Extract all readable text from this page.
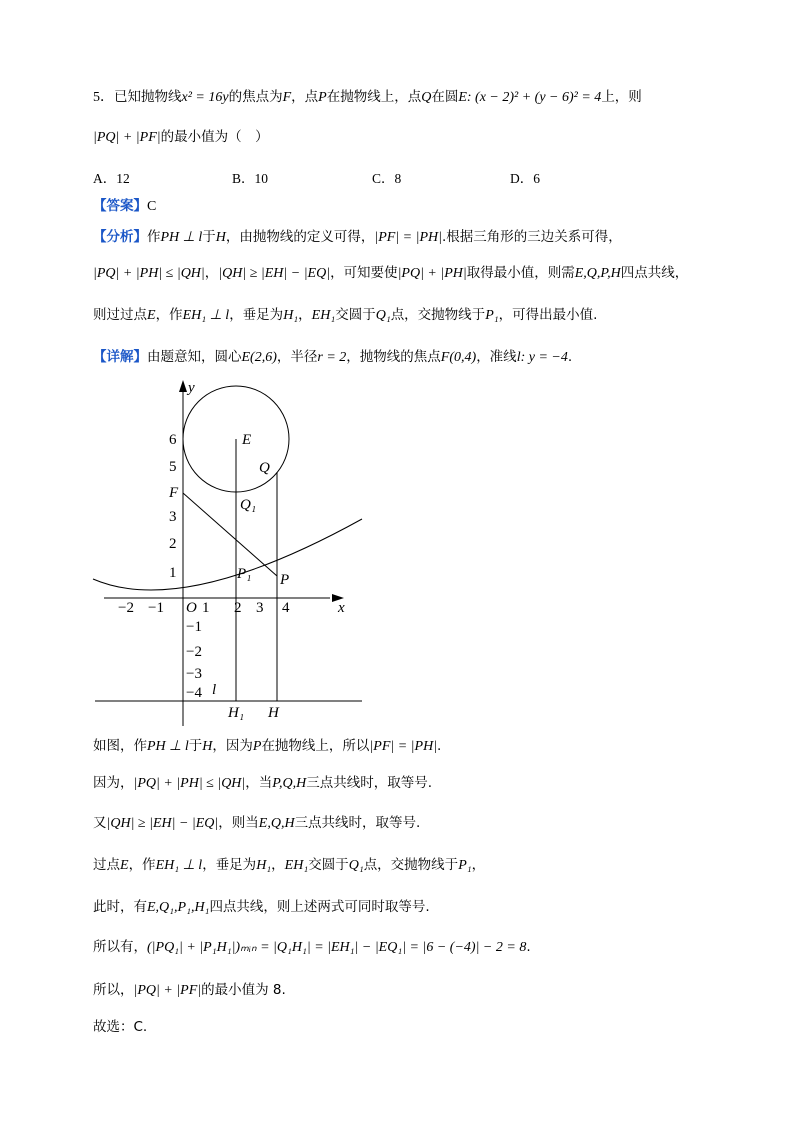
5．已知抛物线x² = 16y的焦点为F，点P在抛物线上，点Q在圆E: (x − 2)² + (y − 6)² = 4上，则
|PQ| + |PF|的最小值为（　）
A．12	B．10	C．8	D．6
【答案】C
【分析】作PH ⊥ l于H，由抛物线的定义可得，|PF| = |PH|.根据三角形的三边关系可得，
|PQ| + |PH| ≤ |QH|，|QH| ≥ |EH| − |EQ|，可知要使|PQ| + |PH|取得最小值，则需E,Q,P,H四点共线，
则过过点E，作EH₁ ⊥ l，垂足为H₁，EH₁交圆于Q₁点，交抛物线于P₁，可得出最小值.
【详解】由题意知，圆心E(2,6)，半径r = 2，抛物线的焦点F(0,4)，准线l: y = −4.
y
x
O
−2 −1	1 2 3 4
6
5
3
2
1
−1
−2
−3
−4
E
Q
F
Q₁
P₁ P
l
H₁ H
如图，作PH ⊥ l于H，因为P在抛物线上，所以|PF| = |PH|.
因为，|PQ| + |PH| ≤ |QH|，当P,Q,H三点共线时，取等号.
又|QH| ≥ |EH| − |EQ|，则当E,Q,H三点共线时，取等号.
过点E，作EH₁ ⊥ l，垂足为H₁，EH₁交圆于Q₁点，交抛物线于P₁，
此时，有E,Q₁,P₁,H₁四点共线，则上述两式可同时取等号.
所以有，(|PQ₁| + |P₁H₁|)ₘᵢₙ = |Q₁H₁| = |EH₁| − |EQ₁| = |6 − (−4)| − 2 = 8.
所以，|PQ| + |PF|的最小值为 8.
故选：C.
